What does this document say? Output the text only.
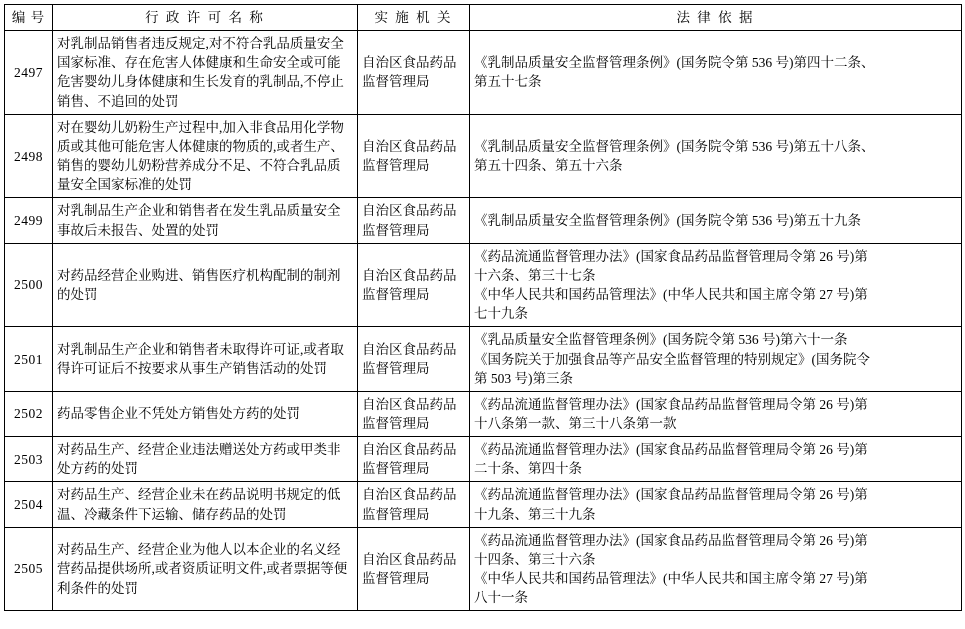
编 号	行 政 许 可 名 称	实 施 机 关	法 律 依 据
2497	对乳制品销售者违反规定,对不符合乳品质量安全国家标准、存在危害人体健康和生命安全或可能危害婴幼儿身体健康和生长发育的乳制品,不停止销售、不追回的处罚	自治区食品药品监督管理局	《乳制品质量安全监督管理条例》(国务院令第 536 号)第四十二条、
第五十七条

2498	对在婴幼儿奶粉生产过程中,加入非食品用化学物质或其他可能危害人体健康的物质的,或者生产、销售的婴幼儿奶粉营养成分不足、不符合乳品质量安全国家标准的处罚	自治区食品药品监督管理局	《乳制品质量安全监督管理条例》(国务院令第 536 号)第五十八条、
第五十四条、第五十六条

2499	对乳制品生产企业和销售者在发生乳品质量安全事故后未报告、处置的处罚	自治区食品药品监督管理局	《乳制品质量安全监督管理条例》(国务院令第 536 号)第五十九条

2500	对药品经营企业购进、销售医疗机构配制的制剂的处罚	自治区食品药品监督管理局	《药品流通监督管理办法》(国家食品药品监督管理局令第 26 号)第
十六条、第三十七条
《中华人民共和国药品管理法》(中华人民共和国主席令第 27 号)第
七十九条

2501	对乳制品生产企业和销售者未取得许可证,或者取得许可证后不按要求从事生产销售活动的处罚	自治区食品药品监督管理局	《乳品质量安全监督管理条例》(国务院令第 536 号)第六十一条
《国务院关于加强食品等产品安全监督管理的特别规定》(国务院令
第 503 号)第三条

2502	药品零售企业不凭处方销售处方药的处罚	自治区食品药品监督管理局	《药品流通监督管理办法》(国家食品药品监督管理局令第 26 号)第
十八条第一款、第三十八条第一款

2503	对药品生产、经营企业违法赠送处方药或甲类非处方药的处罚	自治区食品药品监督管理局	《药品流通监督管理办法》(国家食品药品监督管理局令第 26 号)第
二十条、第四十条

2504	对药品生产、经营企业未在药品说明书规定的低温、冷藏条件下运输、储存药品的处罚	自治区食品药品监督管理局	《药品流通监督管理办法》(国家食品药品监督管理局令第 26 号)第
十九条、第三十九条

2505	对药品生产、经营企业为他人以本企业的名义经营药品提供场所,或者资质证明文件,或者票据等便利条件的处罚	自治区食品药品监督管理局	《药品流通监督管理办法》(国家食品药品监督管理局令第 26 号)第
十四条、第三十六条
《中华人民共和国药品管理法》(中华人民共和国主席令第 27 号)第
八十一条
